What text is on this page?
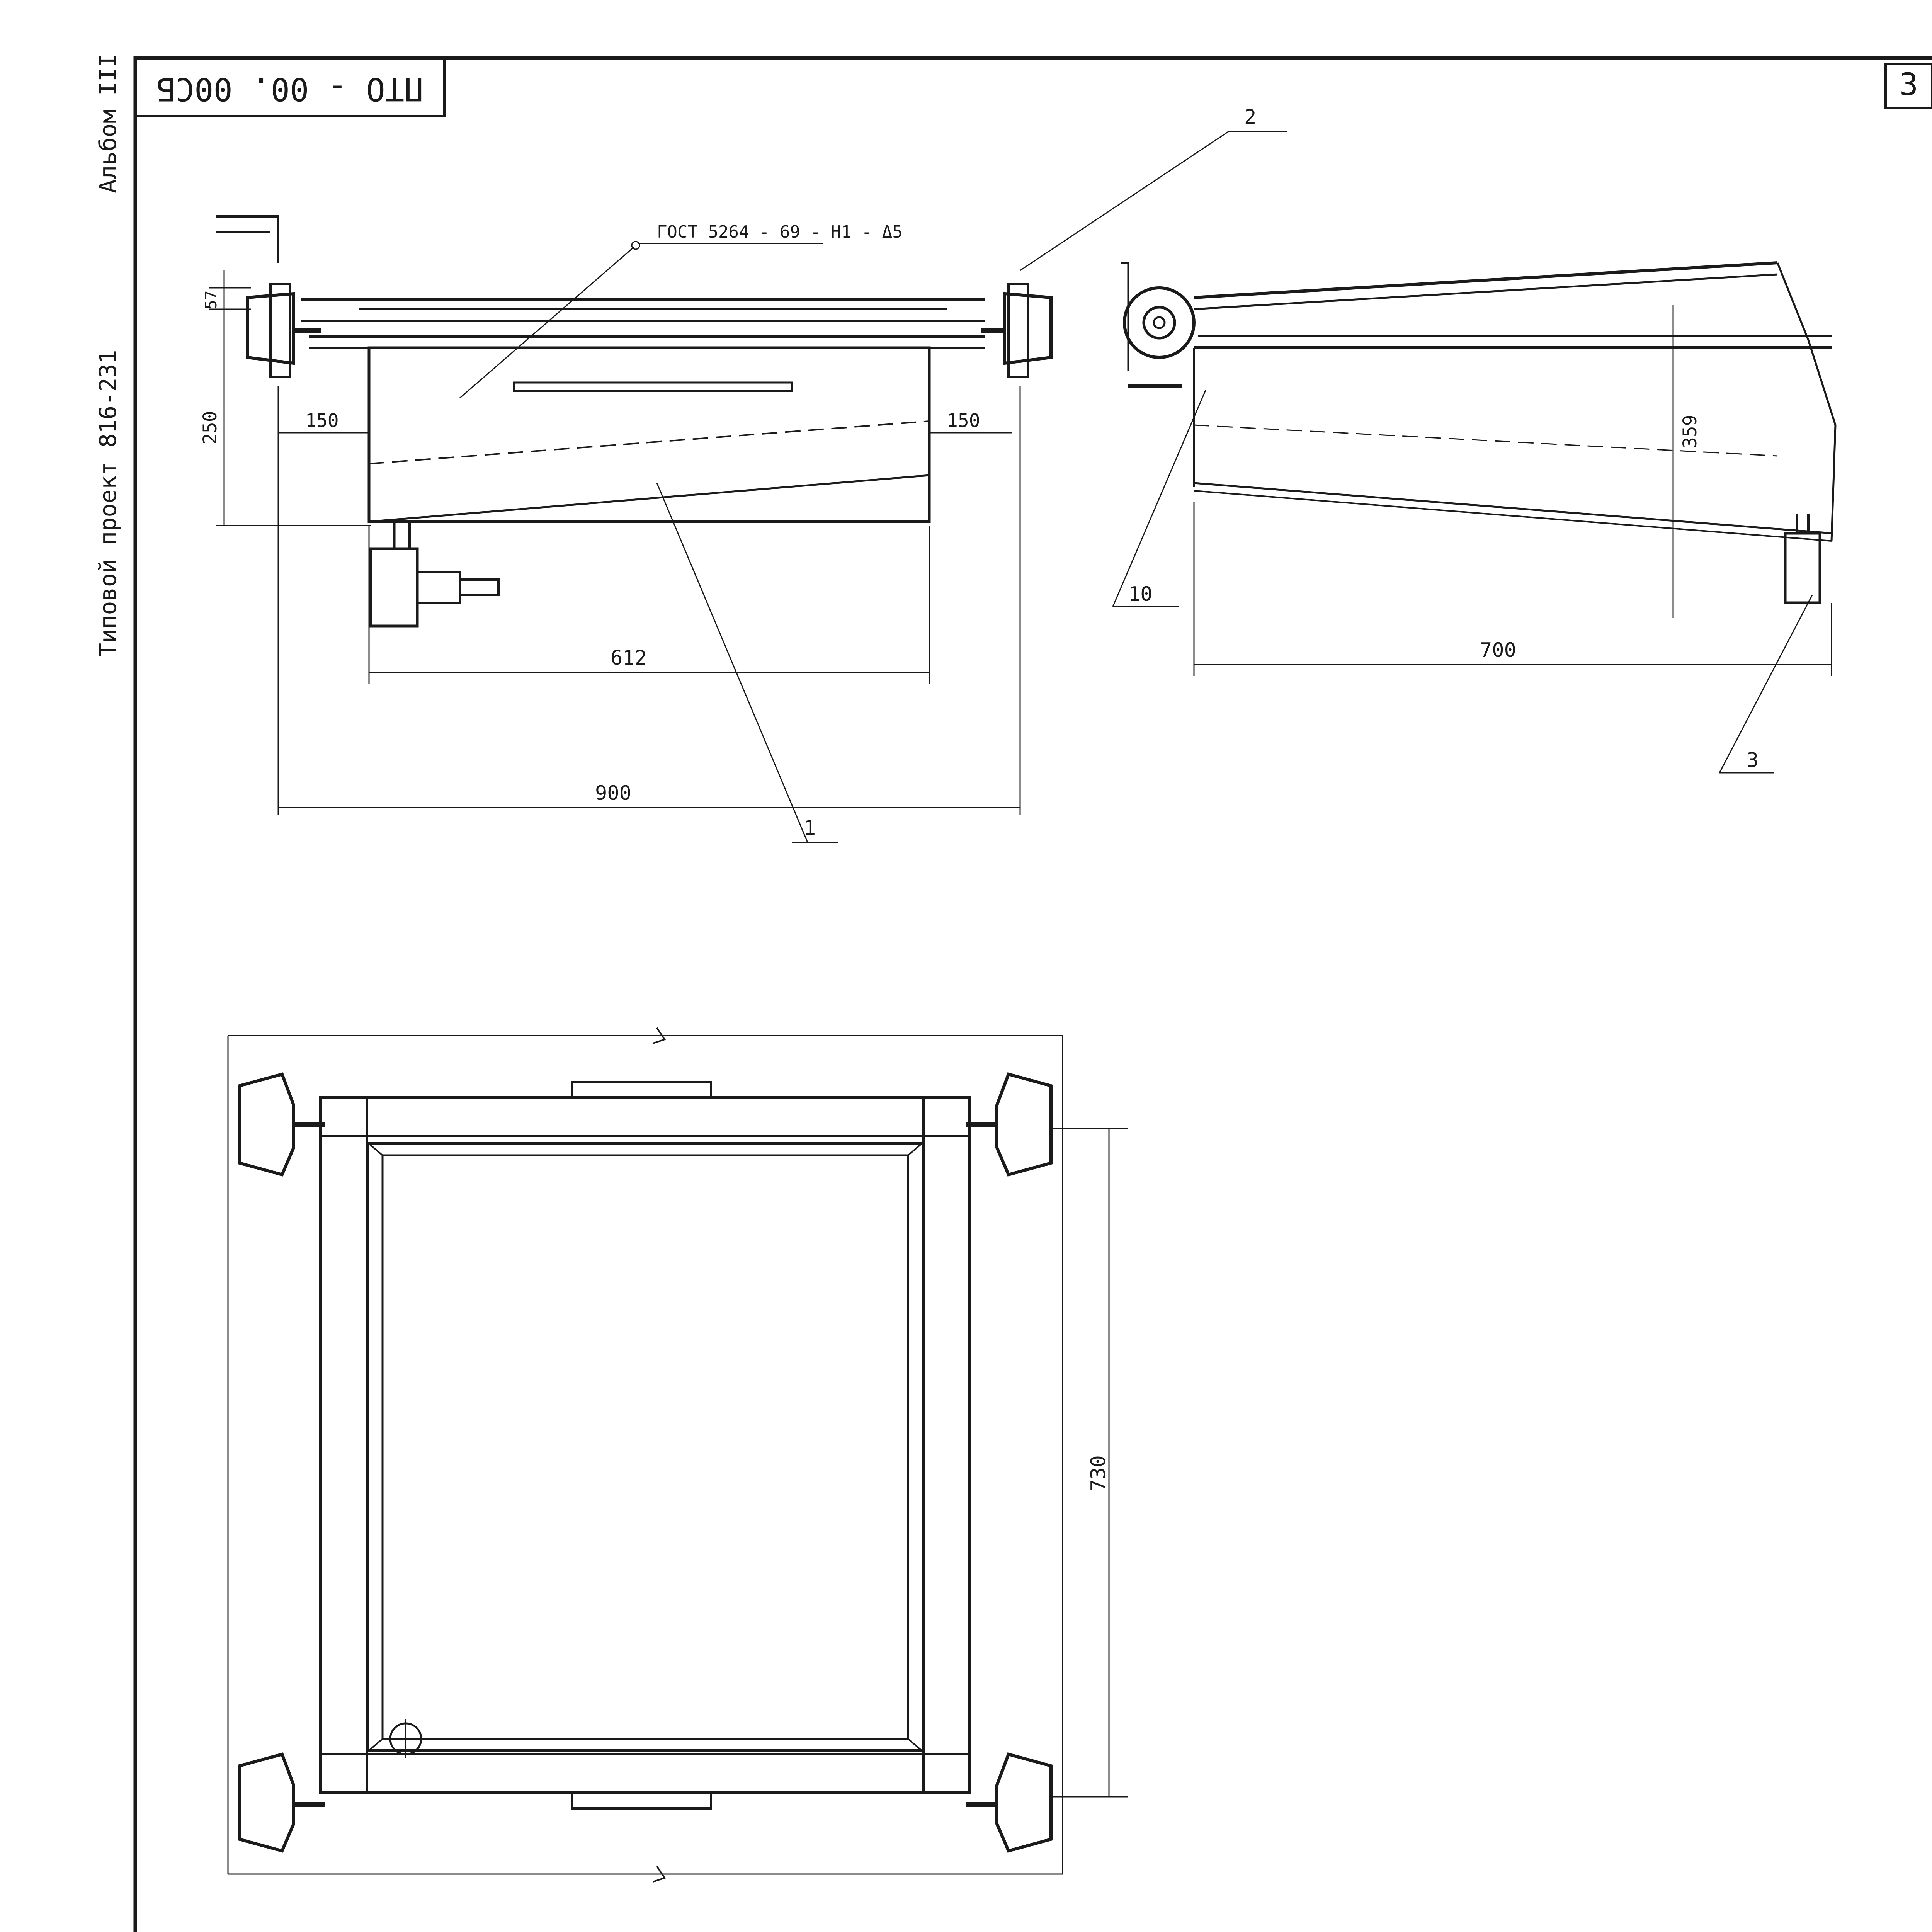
ПТО - 00. 00СБ	3
Типовой проект 816-231
Альбом III
ГОСТ 5264 - 69 - Н1 - Δ5
57
250	150	150
612
900
1
2
359
700
10
3
730
